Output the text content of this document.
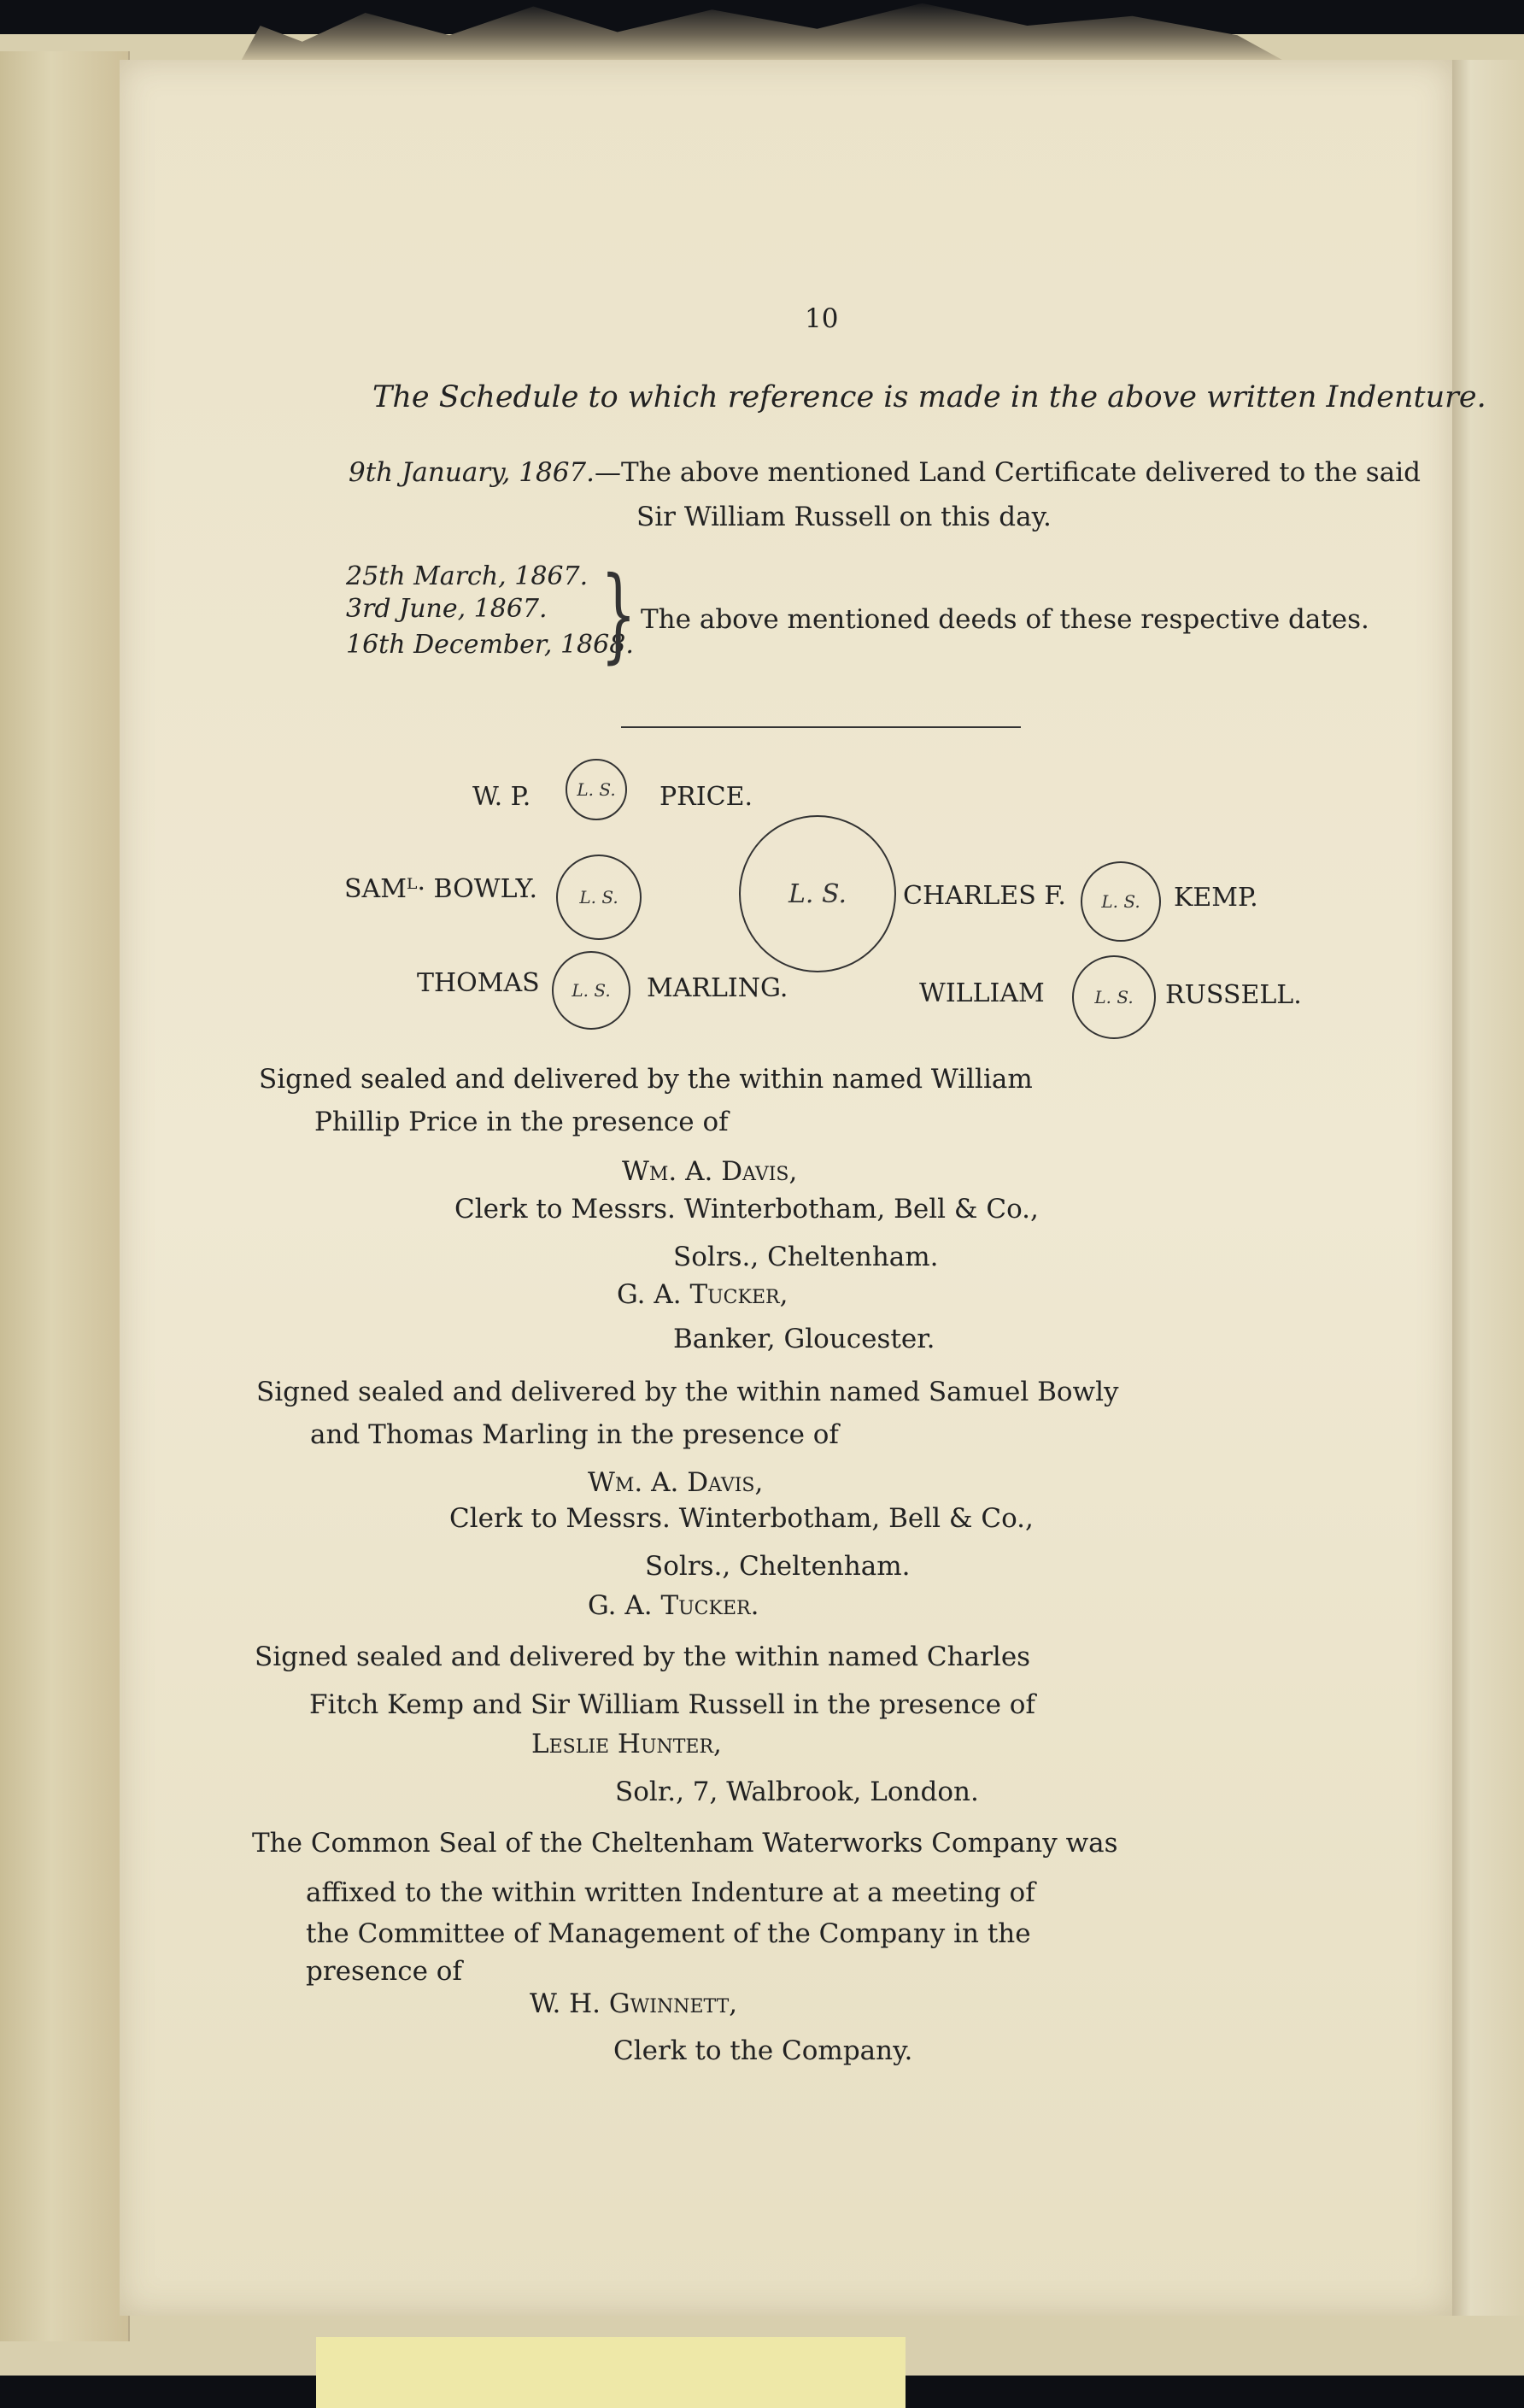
10
The Schedule to which reference is made in the above written Indenture.
9th January, 1867.—The above mentioned Land Certificate delivered to the said
Sir William Russell on this day.
25th March, 1867.
3rd June, 1867.
16th December, 1868.
} The above mentioned deeds of these respective dates.
W. P.	L. S. PRICE.
SAMᴸ· BOWLY. L. S.	L. S. CHARLES F. L. S. KEMP.
THOMAS L. S. MARLING.	WILLIAM	L. S. RUSSELL.
Signed sealed and delivered by the within named William
Phillip Price in the presence of
Wm. A. Davis,
Clerk to Messrs. Winterbotham, Bell & Co.,
Solrs., Cheltenham.
G. A. Tucker,
Banker, Gloucester.
Signed sealed and delivered by the within named Samuel Bowly
and Thomas Marling in the presence of
Wm. A. Davis,
Clerk to Messrs. Winterbotham, Bell & Co.,
Solrs., Cheltenham.
G. A. Tucker.
Signed sealed and delivered by the within named Charles
Fitch Kemp and Sir William Russell in the presence of
Leslie Hunter,
Solr., 7, Walbrook, London.
The Common Seal of the Cheltenham Waterworks Company was
affixed to the within written Indenture at a meeting of
the Committee of Management of the Company in the
presence of
W. H. Gwinnett,
Clerk to the Company.
